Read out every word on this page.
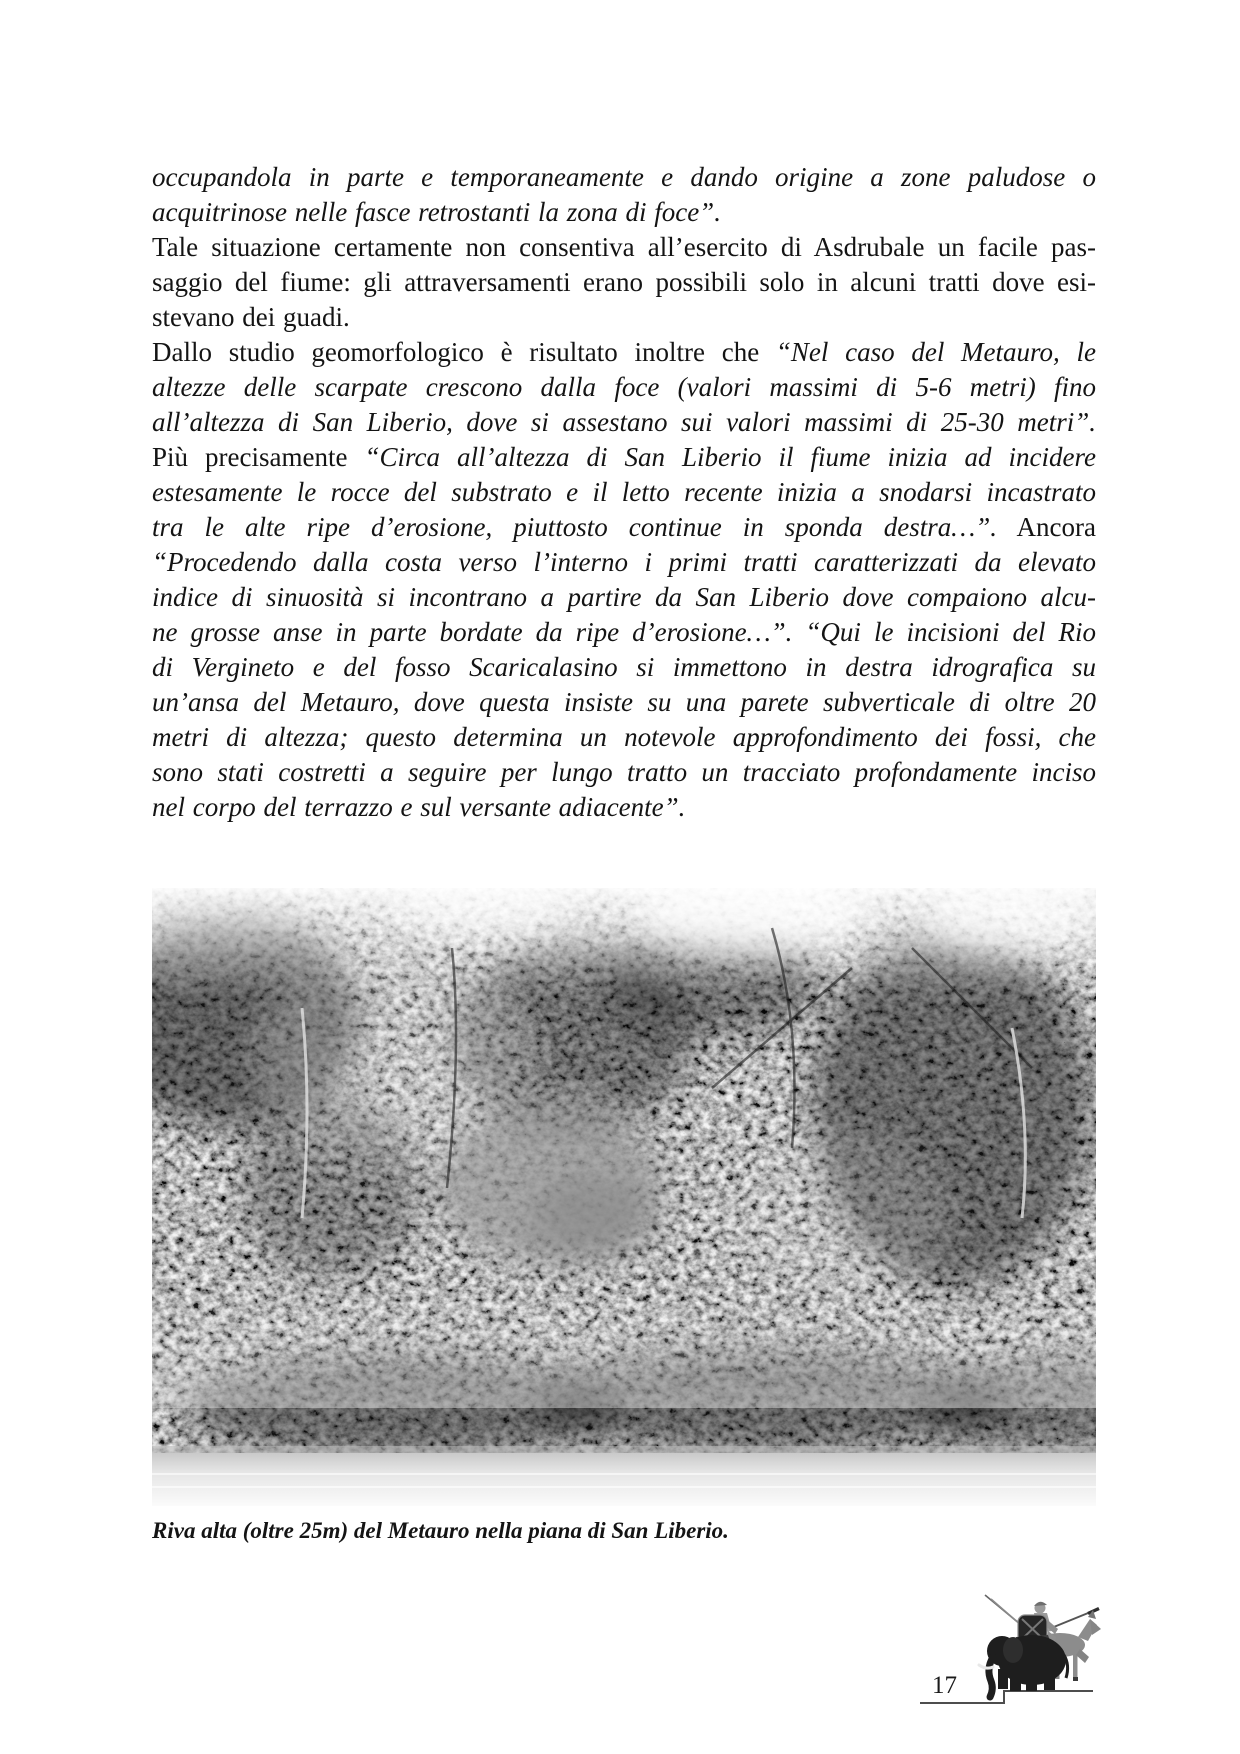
occupandola in parte e temporaneamente e dando origine a zone paludose o
acquitrinose nelle fasce retrostanti la zona di foce”.
Tale situazione certamente non consentiva all’esercito di Asdrubale un facile pas-
saggio del fiume: gli attraversamenti erano possibili solo in alcuni tratti dove esi-
stevano dei guadi.
Dallo studio geomorfologico è risultato inoltre che “Nel caso del Metauro, le
altezze delle scarpate crescono dalla foce (valori massimi di 5-6 metri) fino
all’altezza di San Liberio, dove si assestano sui valori massimi di 25-30 metri”.
Più precisamente “Circa all’altezza di San Liberio il fiume inizia ad incidere
estesamente le rocce del substrato e il letto recente inizia a snodarsi incastrato
tra le alte ripe d’erosione, piuttosto continue in sponda destra…”. Ancora
“Procedendo dalla costa verso l’interno i primi tratti caratterizzati da elevato
indice di sinuosità si incontrano a partire da San Liberio dove compaiono alcu-
ne grosse anse in parte bordate da ripe d’erosione…”. “Qui le incisioni del Rio
di Vergineto e del fosso Scaricalasino si immettono in destra idrografica su
un’ansa del Metauro, dove questa insiste su una parete subverticale di oltre 20
metri di altezza; questo determina un notevole approfondimento dei fossi, che
sono stati costretti a seguire per lungo tratto un tracciato profondamente inciso
nel corpo del terrazzo e sul versante adiacente”.
Riva alta (oltre 25m) del Metauro nella piana di San Liberio.
17
